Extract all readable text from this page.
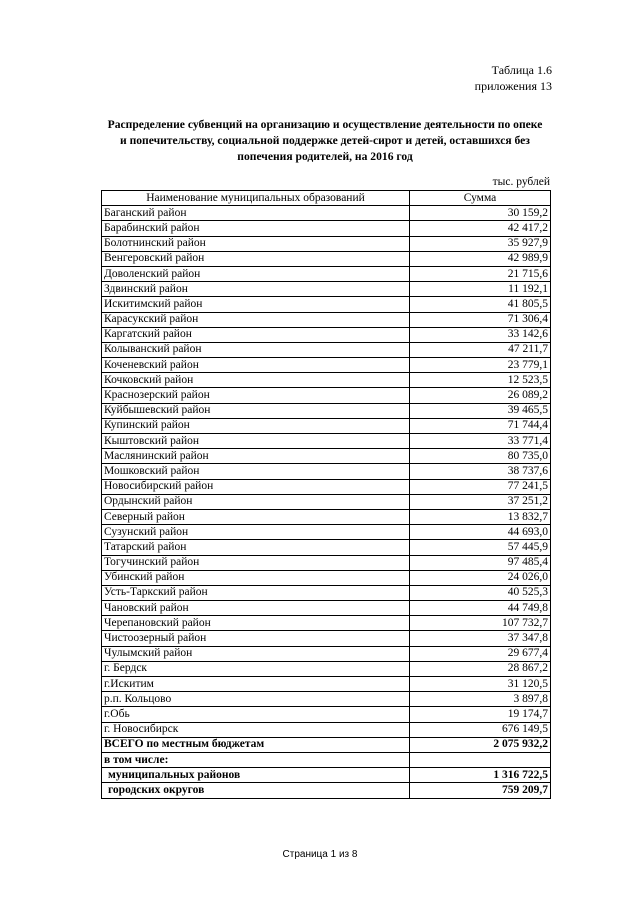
Таблица 1.6
приложения 13
Распределение субвенций на организацию и осуществление деятельности по опеке
и попечительству, социальной поддержке детей-сирот и детей, оставшихся без
попечения родителей, на 2016 год
тыс. рублей
Наименование муниципальных образований	Сумма
Баганский район	30 159,2
Барабинский район	42 417,2
Болотнинский район	35 927,9
Венгеровский район	42 989,9
Доволенский район	21 715,6
Здвинский район	11 192,1
Искитимский район	41 805,5
Карасукский район	71 306,4
Каргатский район	33 142,6
Колыванский район	47 211,7
Коченевский район	23 779,1
Кочковский район	12 523,5
Краснозерский район	26 089,2
Куйбышевский район	39 465,5
Купинский район	71 744,4
Кыштовский район	33 771,4
Маслянинский район	80 735,0
Мошковский район	38 737,6
Новосибирский район	77 241,5
Ордынский район	37 251,2
Северный район	13 832,7
Сузунский район	44 693,0
Татарский район	57 445,9
Тогучинский район	97 485,4
Убинский район	24 026,0
Усть-Таркский район	40 525,3
Чановский район	44 749,8
Черепановский район	107 732,7
Чистоозерный район	37 347,8
Чулымский район	29 677,4
г. Бердск	28 867,2
г.Искитим	31 120,5
р.п. Кольцово	3 897,8
г.Обь	19 174,7
г. Новосибирск	676 149,5
ВСЕГО по местным бюджетам	2 075 932,2
в том числе:	
муниципальных районов	1 316 722,5
городских округов	759 209,7
Страница 1 из 8
